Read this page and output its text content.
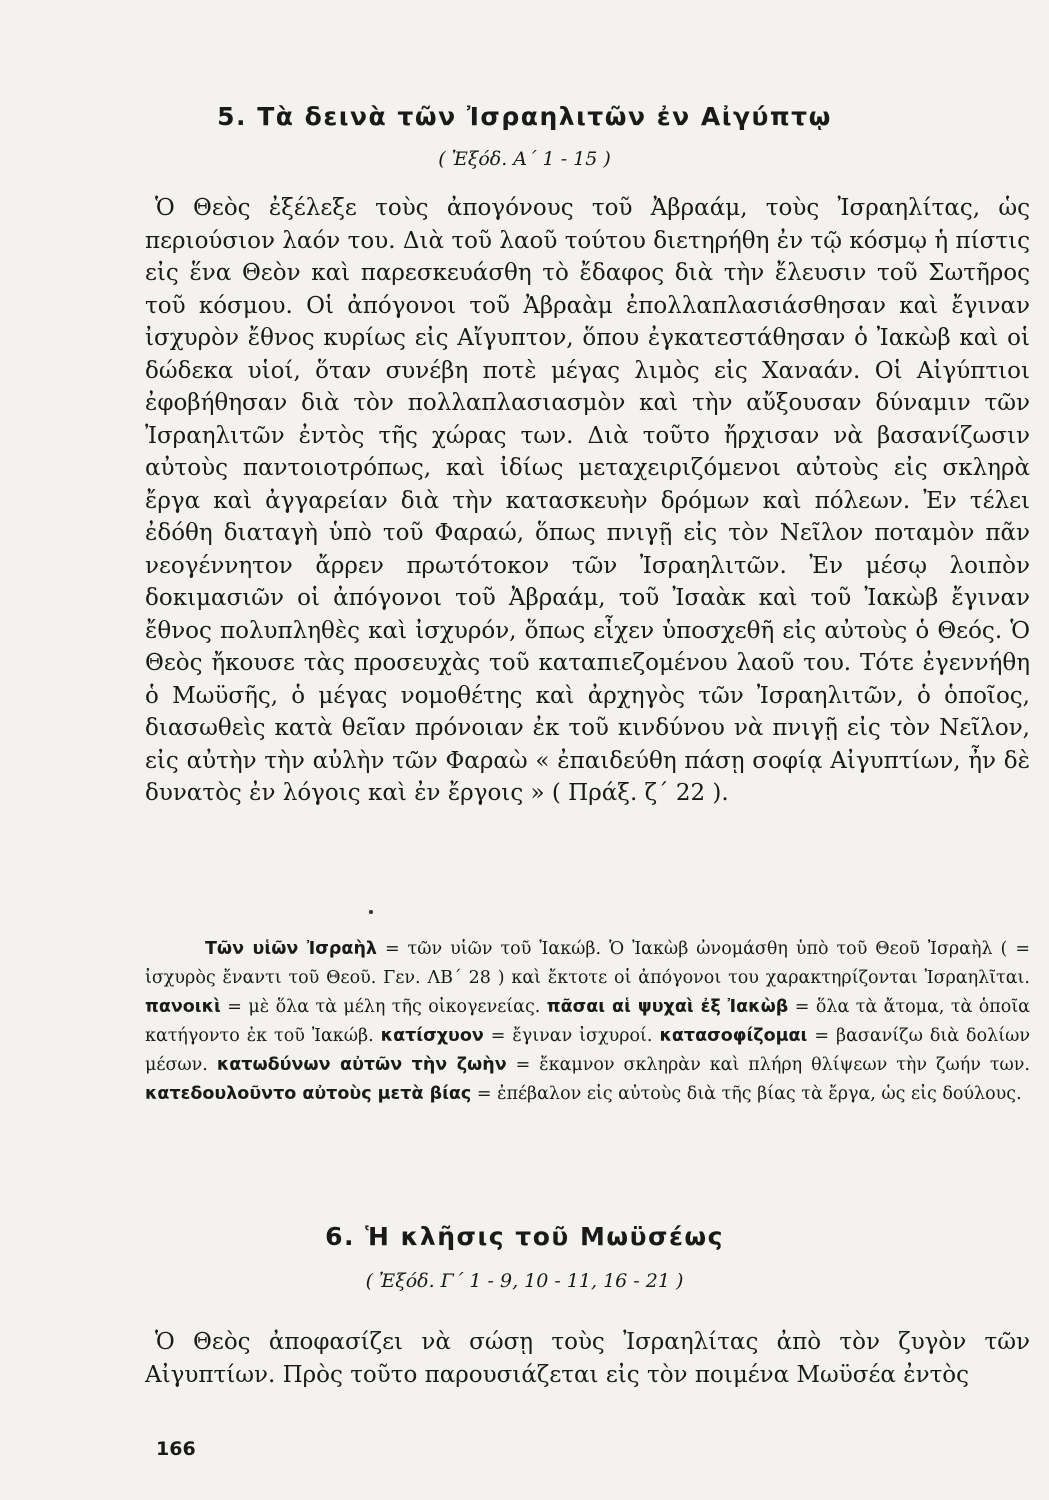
5. Τὰ δεινὰ τῶν Ἰσραηλιτῶν ἐν Αἰγύπτῳ
( Ἐξόδ. Α΄ 1 - 15 )

Ὁ Θεὸς ἐξέλεξε τοὺς ἀπογόνους τοῦ Ἀβραάμ, τοὺς Ἰσραηλίτας, ὡς περιούσιον λαόν του. Διὰ τοῦ λαοῦ τούτου διετηρήθη ἐν τῷ κόσμῳ ἡ πίστις εἰς ἕνα Θεὸν καὶ παρεσκευάσθη τὸ ἔδαφος διὰ τὴν ἔλευσιν τοῦ Σωτῆρος τοῦ κόσμου. Οἱ ἀπόγονοι τοῦ Ἀβραὰμ ἐπολλαπλασιάσθησαν καὶ ἔγιναν ἰσχυρὸν ἔθνος κυρίως εἰς Αἴγυπτον, ὅπου ἐγκατεστάθησαν ὁ Ἰακὼβ καὶ οἱ δώδεκα υἱοί, ὅταν συνέβη ποτὲ μέγας λιμὸς εἰς Χαναάν. Οἱ Αἰγύπτιοι ἐφοβήθησαν διὰ τὸν πολλαπλασιασμὸν καὶ τὴν αὔξουσαν δύναμιν τῶν Ἰσραηλιτῶν ἐντὸς τῆς χώρας των. Διὰ τοῦτο ἤρχισαν νὰ βασανίζωσιν αὐτοὺς παντοιοτρόπως, καὶ ἰδίως μεταχειριζόμενοι αὐτοὺς εἰς σκληρὰ ἔργα καὶ ἀγγαρείαν διὰ τὴν κατασκευὴν δρόμων καὶ πόλεων. Ἐν τέλει ἐδόθη διαταγὴ ὑπὸ τοῦ Φαραώ, ὅπως πνιγῇ εἰς τὸν Νεῖλον ποταμὸν πᾶν νεογέννητον ἄρρεν πρωτότοκον τῶν Ἰσραηλιτῶν. Ἐν μέσῳ λοιπὸν δοκιμασιῶν οἱ ἀπόγονοι τοῦ Ἀβραάμ, τοῦ Ἰσαὰκ καὶ τοῦ Ἰακὼβ ἔγιναν ἔθνος πολυπληθὲς καὶ ἰσχυρόν, ὅπως εἶχεν ὑποσχεθῆ εἰς αὐτοὺς ὁ Θεός. Ὁ Θεὸς ἤκουσε τὰς προσευχὰς τοῦ καταπιεζομένου λαοῦ του. Τότε ἐγεννήθη ὁ Μωϋσῆς, ὁ μέγας νομοθέτης καὶ ἀρχηγὸς τῶν Ἰσραηλιτῶν, ὁ ὁποῖος, διασωθεὶς κατὰ θεῖαν πρόνοιαν ἐκ τοῦ κινδύνου νὰ πνιγῇ εἰς τὸν Νεῖλον, εἰς αὐτὴν τὴν αὐλὴν τῶν Φαραὼ « ἐπαιδεύθη πάσῃ σοφίᾳ Αἰγυπτίων, ἦν δὲ δυνατὸς ἐν λόγοις καὶ ἐν ἔργοις » ( Πράξ. ζ΄ 22 ).

Τῶν υἱῶν Ἰσραὴλ = τῶν υἱῶν τοῦ Ἰακώβ. Ὁ Ἰακὼβ ὠνομάσθη ὑπὸ τοῦ Θεοῦ Ἰσραὴλ ( = ἰσχυρὸς ἔναντι τοῦ Θεοῦ. Γεν. ΛΒ΄ 28 ) καὶ ἔκτοτε οἱ ἀπόγονοι του χαρακτηρίζονται Ἰσραηλῖται. πανοικὶ = μὲ ὅλα τὰ μέλη τῆς οἰκογενείας. πᾶσαι αἱ ψυχαὶ ἐξ Ἰακὼβ = ὅλα τὰ ἄτομα, τὰ ὁποῖα κατήγοντο ἐκ τοῦ Ἰακώβ. κατίσχυον = ἔγιναν ἰσχυροί. κατασοφίζομαι = βασανίζω διὰ δολίων μέσων. κατωδύνων αὐτῶν τὴν ζωὴν = ἔκαμνον σκληρὰν καὶ πλήρη θλίψεων τὴν ζωήν των. κατεδουλοῦντο αὐτοὺς μετὰ βίας = ἐπέβαλον εἰς αὐτοὺς διὰ τῆς βίας τὰ ἔργα, ὡς εἰς δούλους.

6. Ἡ κλῆσις τοῦ Μωϋσέως
( Ἐξόδ. Γ΄ 1 - 9, 10 - 11, 16 - 21 )

Ὁ Θεὸς ἀποφασίζει νὰ σώσῃ τοὺς Ἰσραηλίτας ἀπὸ τὸν ζυγὸν τῶν Αἰγυπτίων. Πρὸς τοῦτο παρουσιάζεται εἰς τὸν ποιμένα Μωϋσέα ἐντὸς

166
